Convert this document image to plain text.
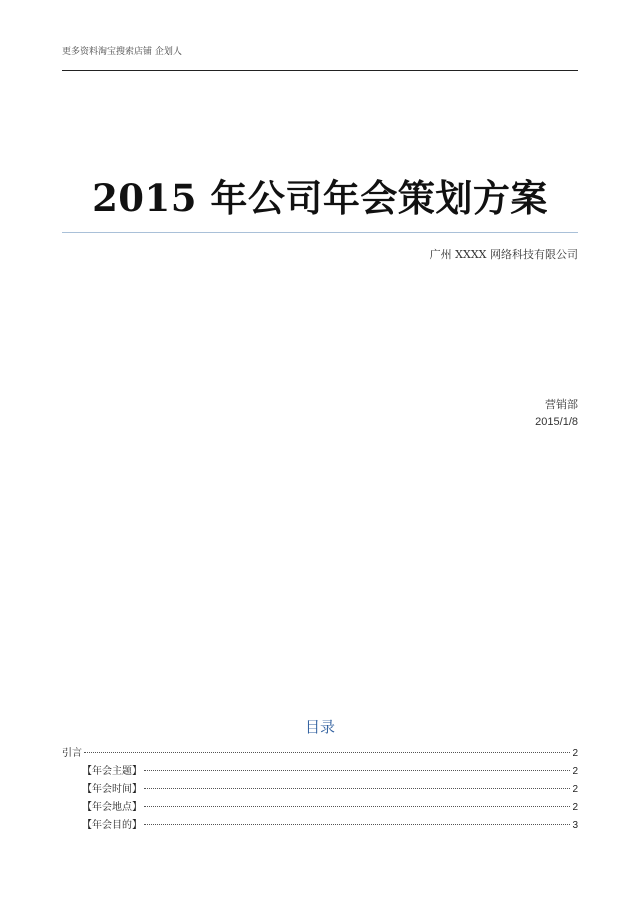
更多资料淘宝搜索店铺 企划人
2015 年公司年会策划方案
广州 XXXX 网络科技有限公司
营销部
2015/1/8
目录
引言	2
【年会主题】	2
【年会时间】	2
【年会地点】	2
【年会目的】	3
